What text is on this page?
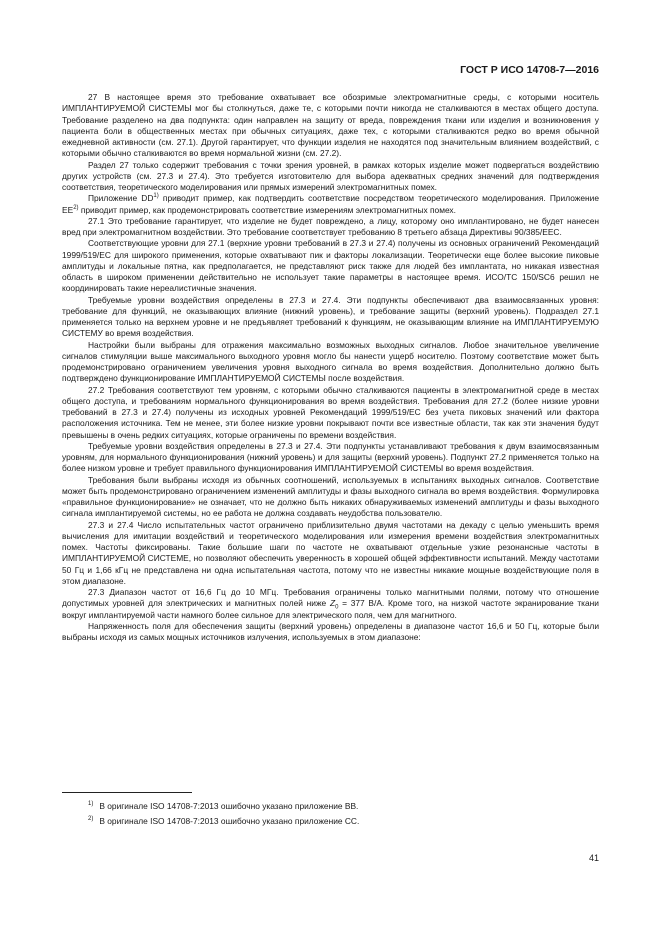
ГОСТ Р ИСО 14708-7—2016

27 В настоящее время это требование охватывает все обозримые электромагнитные среды, с которыми носитель ИМПЛАНТИРУЕМОЙ СИСТЕМЫ мог бы столкнуться, даже те, с которыми почти никогда не сталкиваются в местах общего доступа. Требование разделено на два подпункта: один направлен на защиту от вреда, повреждения ткани или изделия и возникновения у пациента боли в общественных местах при обычных ситуациях, даже тех, с которыми сталкиваются редко во время обычной ежедневной активности (см. 27.1). Другой гарантирует, что функции изделия не находятся под значительным влиянием воздействий, с которыми обычно сталкиваются во время нормальной жизни (см. 27.2).

Раздел 27 только содержит требования с точки зрения уровней, в рамках которых изделие может подвергаться воздействию других устройств (см. 27.3 и 27.4). Это требуется изготовителю для выбора адекватных средних значений для подтверждения соответствия, теоретического моделирования или прямых измерений электромагнитных помех.

Приложение DD$^{1)}$ приводит пример, как подтвердить соответствие посредством теоретического моделирования. Приложение EE$^{2)}$ приводит пример, как продемонстрировать соответствие измерениям электромагнитных помех.

27.1 Это требование гарантирует, что изделие не будет повреждено, а лицу, которому оно имплантировано, не будет нанесен вред при электромагнитном воздействии. Это требование соответствует требованию 8 третьего абзаца Директивы 90/385/EEC.

Соответствующие уровни для 27.1 (верхние уровни требований в 27.3 и 27.4) получены из основных ограничений Рекомендаций 1999/519/EC для широкого применения, которые охватывают пик и факторы локализации. Теоретически еще более высокие пиковые амплитуды и локальные пятна, как предполагается, не представляют риск также для людей без имплантата, но никакая известная область в широком применении действительно не использует такие параметры в настоящее время. ИСО/ТС 150/SC6 решил не координировать такие нереалистичные значения.

Требуемые уровни воздействия определены в 27.3 и 27.4. Эти подпункты обеспечивают два взаимосвязанных уровня: требование для функций, не оказывающих влияние (нижний уровень), и требование защиты (верхний уровень). Подраздел 27.1 применяется только на верхнем уровне и не предъявляет требований к функциям, не оказывающим влияние на ИМПЛАНТИРУЕМУЮ СИСТЕМУ во время воздействия.

Настройки были выбраны для отражения максимально возможных выходных сигналов. Любое значительное увеличение сигналов стимуляции выше максимального выходного уровня могло бы нанести ущерб носителю. Поэтому соответствие может быть продемонстрировано ограничением увеличения уровня выходного сигнала во время воздействия. Дополнительно должно быть подтверждено функционирование ИМПЛАНТИРУЕМОЙ СИСТЕМЫ после воздействия.

27.2 Требования соответствуют тем уровням, с которыми обычно сталкиваются пациенты в электромагнитной среде в местах общего доступа, и требованиям нормального функционирования во время воздействия. Требования для 27.2 (более низкие уровни требований в 27.3 и 27.4) получены из исходных уровней Рекомендаций 1999/519/EC без учета пиковых значений или фактора расположения источника. Тем не менее, эти более низкие уровни покрывают почти все известные области, так как эти значения будут превышены в очень редких ситуациях, которые ограничены по времени воздействия.

Требуемые уровни воздействия определены в 27.3 и 27.4. Эти подпункты устанавливают требования к двум взаимосвязанным уровням, для нормального функционирования (нижний уровень) и для защиты (верхний уровень). Подпункт 27.2 применяется только на более низком уровне и требует правильного функционирования ИМПЛАНТИРУЕМОЙ СИСТЕМЫ во время воздействия.

Требования были выбраны исходя из обычных соотношений, используемых в испытаниях выходных сигналов. Соответствие может быть продемонстрировано ограничением изменений амплитуды и фазы выходного сигнала во время воздействия. Формулировка «правильное функционирование» не означает, что не должно быть никаких обнаруживаемых изменений амплитуды и фазы выходного сигнала имплантируемой системы, но ее работа не должна создавать неудобства пользователю.

27.3 и 27.4 Число испытательных частот ограничено приблизительно двумя частотами на декаду с целью уменьшить время вычисления для имитации воздействий и теоретического моделирования или измерения времени воздействия электромагнитных помех. Частоты фиксированы. Такие большие шаги по частоте не охватывают отдельные узкие резонансные частоты в ИМПЛАНТИРУЕМОЙ СИСТЕМЕ, но позволяют обеспечить уверенность в хорошей общей эффективности испытаний. Между частотами 50 Гц и 1,66 кГц не представлена ни одна испытательная частота, потому что не известны никакие мощные воздействующие поля в этом диапазоне.

27.3 Диапазон частот от 16,6 Гц до 10 МГц. Требования ограничены только магнитными полями, потому что отношение допустимых уровней для электрических и магнитных полей ниже $Z_0 = 377$ В/А. Кроме того, на низкой частоте экранирование ткани вокруг имплантируемой части намного более сильное для электрического поля, чем для магнитного.

Напряженность поля для обеспечения защиты (верхний уровень) определены в диапазоне частот 16,6 и 50 Гц, которые были выбраны исходя из самых мощных источников излучения, используемых в этом диапазоне:

$^{1)}$ В оригинале ISO 14708-7:2013 ошибочно указано приложение ВВ.

$^{2)}$ В оригинале ISO 14708-7:2013 ошибочно указано приложение СС.

41
